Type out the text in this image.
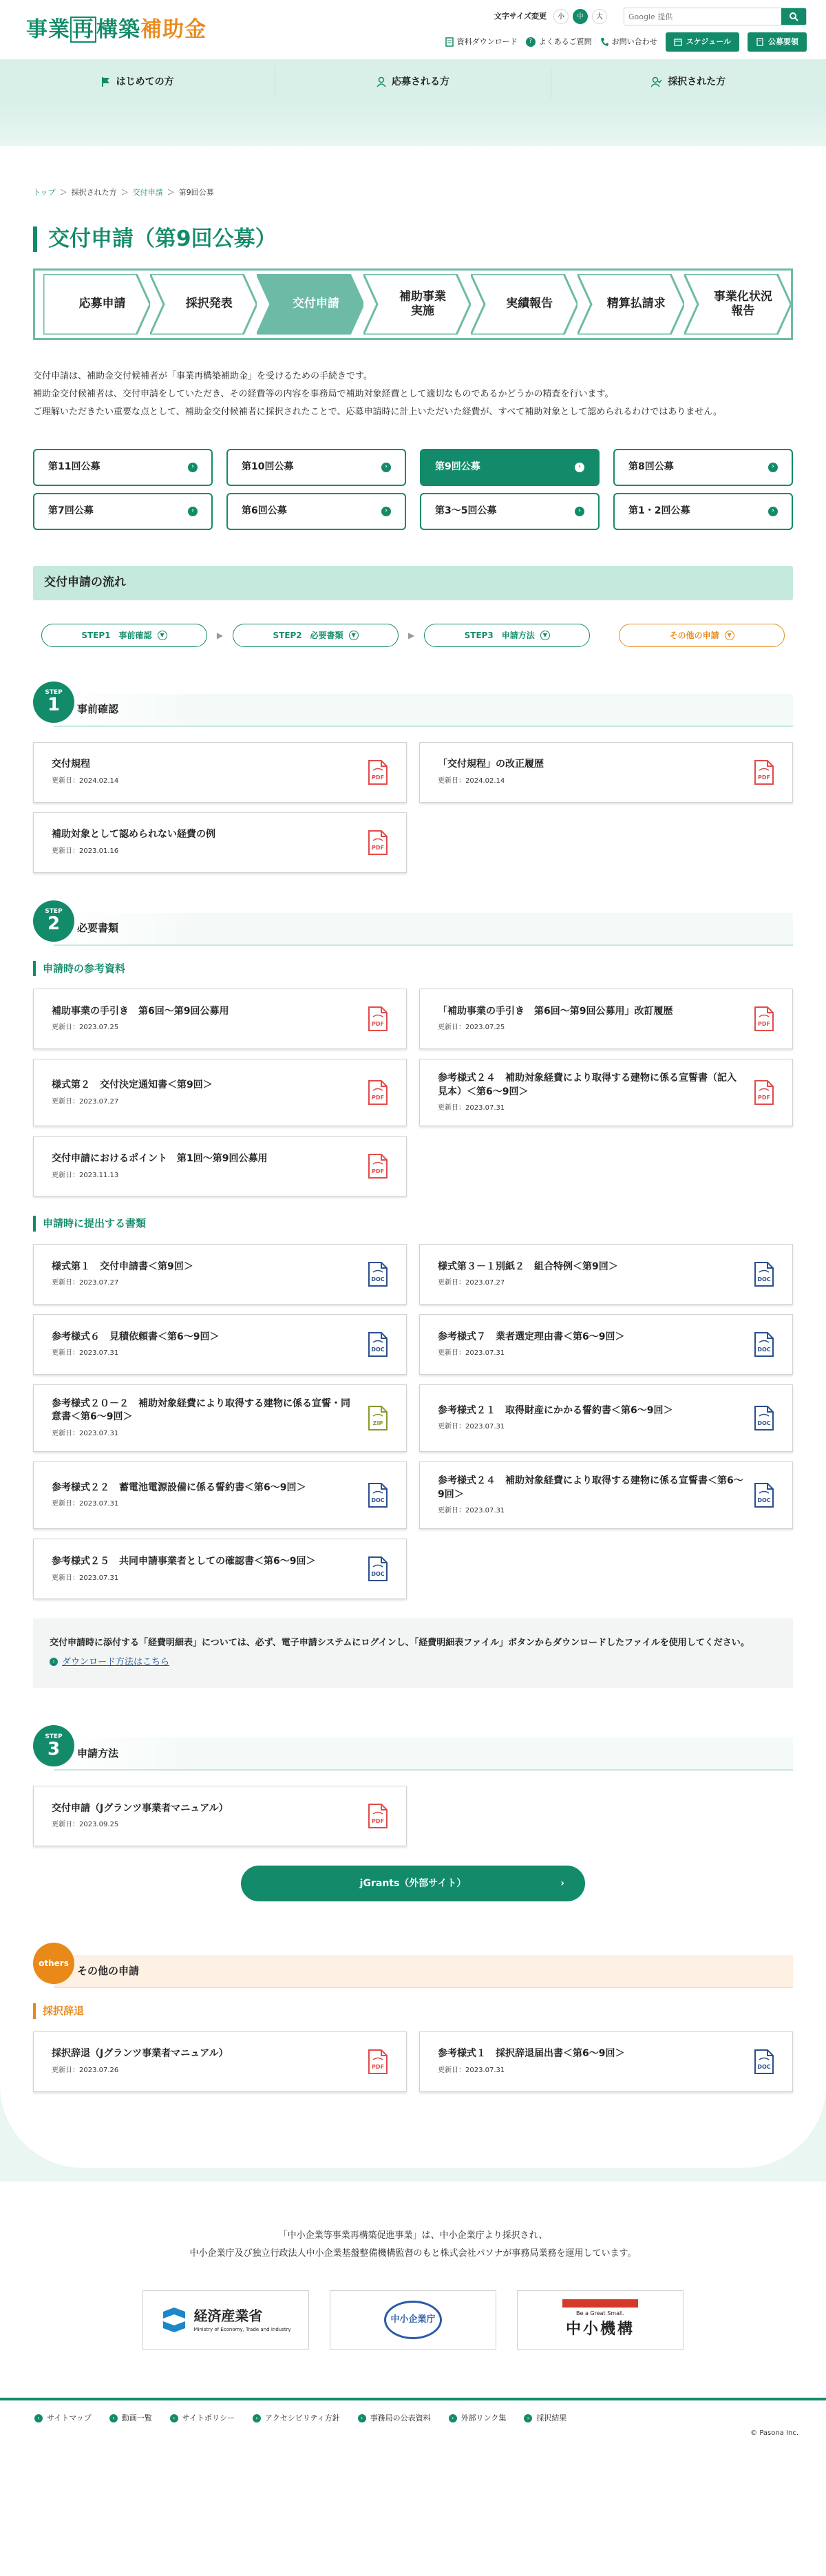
事業再構築補助金
文字サイズ変更	小	中	大
Google 提供
資料ダウンロード	? よくあるご質問	お問い合わせ	スケジュール	公募要領
はじめての方	応募される方	採択された方
トップ ＞ 採択された方 ＞ 交付申請 ＞ 第9回公募
交付申請（第9回公募）
応募申請	採択発表	交付申請
補助事業
実施
実績報告	精算払請求
事業化状況
報告

交付申請は、補助金交付候補者が「事業再構築補助金」を受けるための手続きです。

補助金交付候補者は、交付申請をしていただき、その経費等の内容を事務局で補助対象経費として適切なものであるかどうかの精査を行います。

ご理解いただきたい重要な点として、補助金交付候補者に採択されたことで、応募申請時に計上いただいた経費が、すべて補助対象として認められるわけではありません。

第11回公募	›	第10回公募	›	第9回公募	›	第8回公募	›
第7回公募	›	第6回公募	›	第3〜5回公募	›	第1・2回公募	›
交付申請の流れ
STEP1　事前確認	▼	▶	STEP2　必要書類	▼	▶	STEP3　申請方法	▼	その他の申請	▼
STEP
1	事前確認
交付規程
更新日：2024.02.14	PDF
「交付規程」の改正履歴
更新日：2024.02.14	PDF
補助対象として認められない経費の例
更新日：2023.01.16	PDF
STEP
2	必要書類
申請時の参考資料
補助事業の手引き　第6回〜第9回公募用
更新日：2023.07.25	PDF
「補助事業の手引き　第6回〜第9回公募用」改訂履歴
更新日：2023.07.25	PDF
様式第２　交付決定通知書＜第9回＞
更新日：2023.07.27	PDF
参考様式２４　補助対象経費により取得する建物に係る宣誓書（記入見本）＜第6〜9回＞
更新日：2023.07.31
PDF
交付申請におけるポイント　第1回〜第9回公募用
更新日：2023.11.13	PDF
申請時に提出する書類
様式第１　交付申請書＜第9回＞
更新日：2023.07.27	DOC
様式第３－１別紙２　組合特例＜第9回＞
更新日：2023.07.27	DOC
参考様式６　見積依頼書＜第6〜9回＞
更新日：2023.07.31	DOC
参考様式７　業者選定理由書＜第6〜9回＞
更新日：2023.07.31	DOC
参考様式２０－２　補助対象経費により取得する建物に係る宣誓・同意書＜第6〜9回＞
更新日：2023.07.31
ZIP
参考様式２１　取得財産にかかる誓約書＜第6〜9回＞
更新日：2023.07.31	DOC
参考様式２２　蓄電池電源設備に係る誓約書＜第6〜9回＞
更新日：2023.07.31	DOC
参考様式２４　補助対象経費により取得する建物に係る宣誓書＜第6〜9回＞
更新日：2023.07.31
DOC
参考様式２５　共同申請事業者としての確認書＜第6〜9回＞
更新日：2023.07.31	DOC

交付申請時に添付する「経費明細表」については、必ず、電子申請システムにログインし、「経費明細表ファイル」ボタンからダウンロードしたファイルを使用してください。

› ダウンロード方法はこちら
STEP
3	申請方法
交付申請（Jグランツ事業者マニュアル）
更新日：2023.09.25	PDF
jGrants（外部サイト）	›
others
その他の申請
採択辞退
採択辞退（Jグランツ事業者マニュアル）
更新日：2023.07.26	PDF
参考様式１　採択辞退届出書＜第6〜9回＞
更新日：2023.07.31	DOC

「中小企業等事業再構築促進事業」は、中小企業庁より採択され、

中小企業庁及び独立行政法人中小企業基盤整備機構監督のもと株式会社パソナが事務局業務を運用しています。

経済産業省
Ministry of Economy, Trade and Industry
中小企業庁
Be a Great Small.
中小機構
› サイトマップ	› 動画一覧	› サイトポリシー	› アクセシビリティ方針	› 事務局の公表資料	› 外部リンク集	› 採択結果
© Pasona Inc.
